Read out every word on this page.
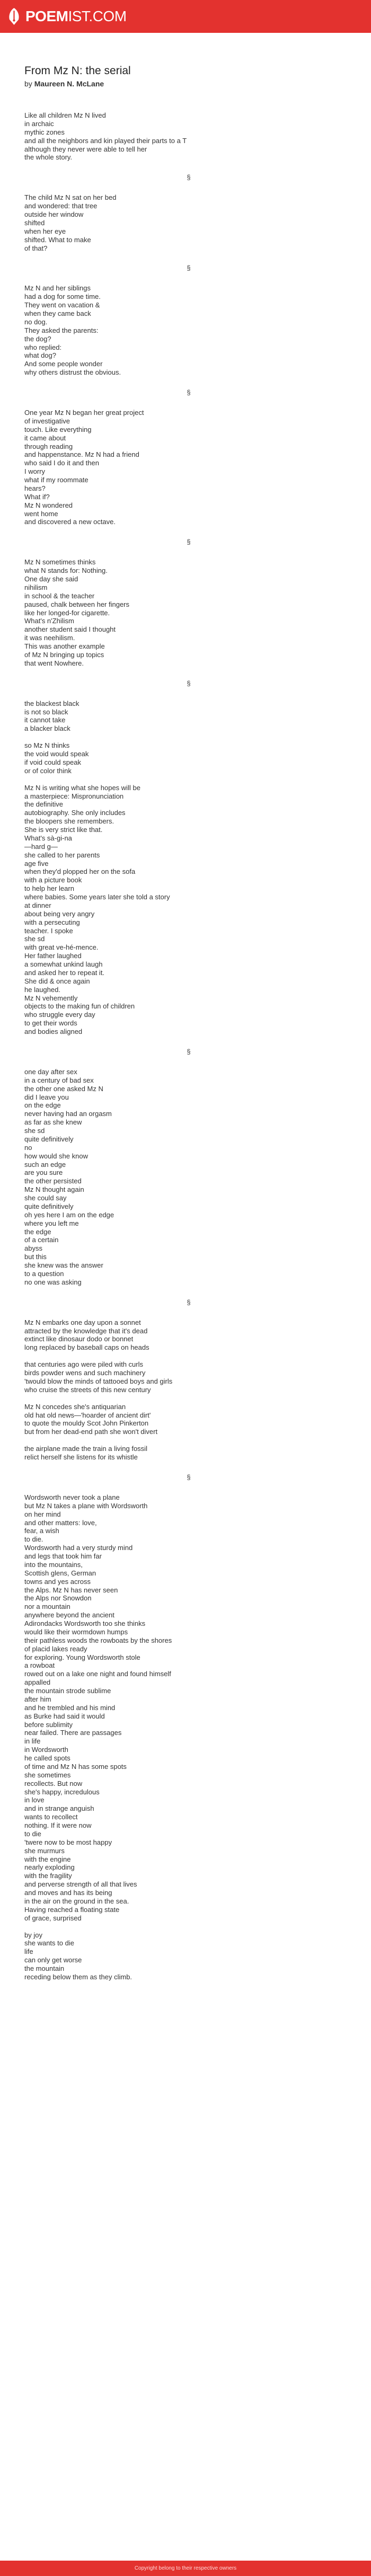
POEMIST.COM
From Mz N: the serial

by Maureen N. McLane

Like all children Mz N lived
in archaic
mythic zones
and all the neighbors and kin played their parts to a T
although they never were able to tell her
the whole story.
§
The child Mz N sat on her bed
and wondered: that tree
outside her window
shifted
when her eye
shifted. What to make
of that?
§
Mz N and her siblings
had a dog for some time.
They went on vacation &
when they came back
no dog.
They asked the parents:
the dog?
who replied:
what dog?
And some people wonder
why others distrust the obvious.
§
One year Mz N began her great project
of investigative
touch. Like everything
it came about
through reading
and happenstance. Mz N had a friend
who said I do it and then
I worry
what if my roommate
hears?
What if?
Mz N wondered
went home
and discovered a new octave.
§
Mz N sometimes thinks
what N stands for: Nothing.
One day she said
nihilism
in school & the teacher
paused, chalk between her fingers
like her longed-for cigarette.
What's n'Zhilism
another student said I thought
it was neehilism.
This was another example
of Mz N bringing up topics
that went Nowhere.
§
the blackest black
is not so black
it cannot take
a blacker black
so Mz N thinks
the void would speak
if void could speak
or of color think
Mz N is writing what she hopes will be
a masterpiece: Mispronunciation
the definitive
autobiography. She only includes
the bloopers she remembers.
She is very strict like that.
What's sà-gi-na
—hard g—
she called to her parents
age five
when they'd plopped her on the sofa
with a picture book
to help her learn
where babies. Some years later she told a story
at dinner
about being very angry
with a persecuting
teacher. I spoke
she sd
with great ve-hé-mence.
Her father laughed
a somewhat unkind laugh
and asked her to repeat it.
She did & once again
he laughed.
Mz N vehemently
objects to the making fun of children
who struggle every day
to get their words
and bodies aligned
§
one day after sex
in a century of bad sex
the other one asked Mz N
did I leave you
on the edge
never having had an orgasm
as far as she knew
she sd
quite definitively
no
how would she know
such an edge
are you sure
the other persisted
Mz N thought again
she could say
quite definitively
oh yes here I am on the edge
where you left me
the edge
of a certain
abyss
but this
she knew was the answer
to a question
no one was asking
§
Mz N embarks one day upon a sonnet
attracted by the knowledge that it's dead
extinct like dinosaur dodo or bonnet
long replaced by baseball caps on heads
that centuries ago were piled with curls
birds powder wens and such machinery
'twould blow the minds of tattooed boys and girls
who cruise the streets of this new century
Mz N concedes she's antiquarian
old hat old news—'hoarder of ancient dirt'
to quote the mouldy Scot John Pinkerton
but from her dead-end path she won't divert
the airplane made the train a living fossil
relict herself she listens for its whistle
§
Wordsworth never took a plane
but Mz N takes a plane with Wordsworth
on her mind
and other matters: love,
fear, a wish
to die.
Wordsworth had a very sturdy mind
and legs that took him far
into the mountains,
Scottish glens, German
towns and yes across
the Alps. Mz N has never seen
the Alps nor Snowdon
nor a mountain
anywhere beyond the ancient
Adirondacks Wordsworth too she thinks
would like their wormdown humps
their pathless woods the rowboats by the shores
of placid lakes ready
for exploring. Young Wordsworth stole
a rowboat
rowed out on a lake one night and found himself
appalled
the mountain strode sublime
after him
and he trembled and his mind
as Burke had said it would
before sublimity
near failed. There are passages
in life
in Wordsworth
he called spots
of time and Mz N has some spots
she sometimes
recollects. But now
she's happy, incredulous
in love
and in strange anguish
wants to recollect
nothing. If it were now
to die
'twere now to be most happy
she murmurs
with the engine
nearly exploding
with the fragility
and perverse strength of all that lives
and moves and has its being
in the air on the ground in the sea.
Having reached a floating state
of grace, surprised
by joy
she wants to die
life
can only get worse
the mountain
receding below them as they climb.
Copyright belong to their respective owners
